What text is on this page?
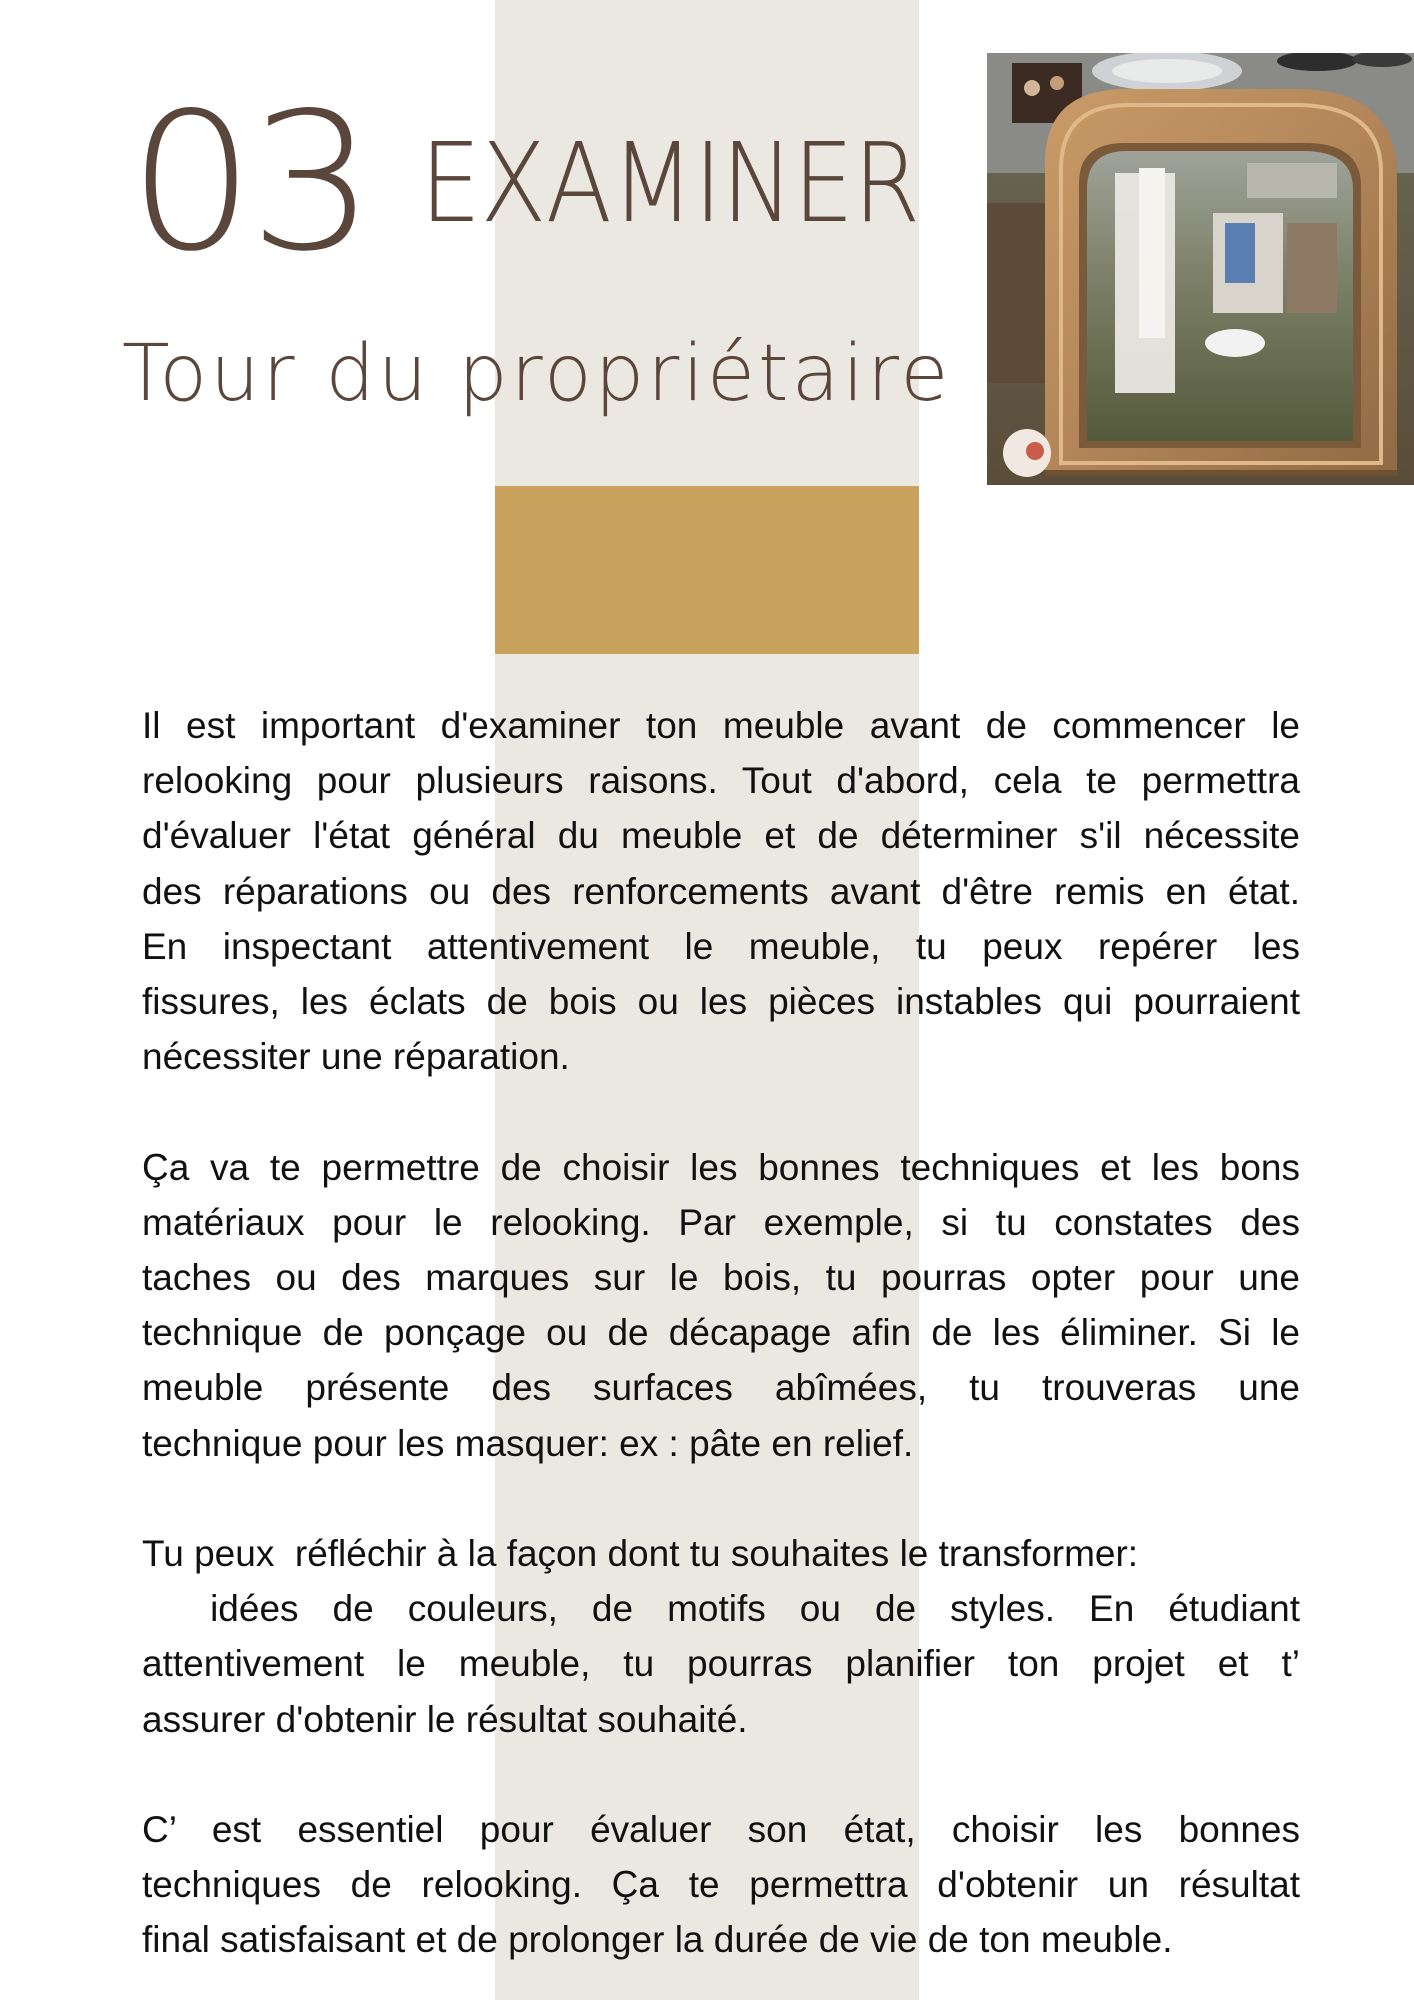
03 EXAMINER
Tour du propriétaire

Il est important d'examiner ton meuble avant de commencer le
relooking pour plusieurs raisons. Tout d'abord, cela te permettra
d'évaluer l'état général du meuble et de déterminer s'il nécessite
des réparations ou des renforcements avant d'être remis en état.
En inspectant attentivement le meuble, tu peux repérer les
fissures, les éclats de bois ou les pièces instables qui pourraient
nécessiter une réparation.

Ça va te permettre de choisir les bonnes techniques et les bons
matériaux pour le relooking. Par exemple, si tu constates des
taches ou des marques sur le bois, tu pourras opter pour une
technique de ponçage ou de décapage afin de les éliminer. Si le
meuble présente des surfaces abîmées, tu trouveras une
technique pour les masquer: ex : pâte en relief.

Tu peux  réfléchir à la façon dont tu souhaites le transformer:
idées de couleurs, de motifs ou de styles. En étudiant
attentivement le meuble, tu pourras planifier ton projet et t’
assurer d'obtenir le résultat souhaité.

C’ est essentiel pour évaluer son état, choisir les bonnes
techniques de relooking. Ça te permettra d'obtenir un résultat
final satisfaisant et de prolonger la durée de vie de ton meuble.
